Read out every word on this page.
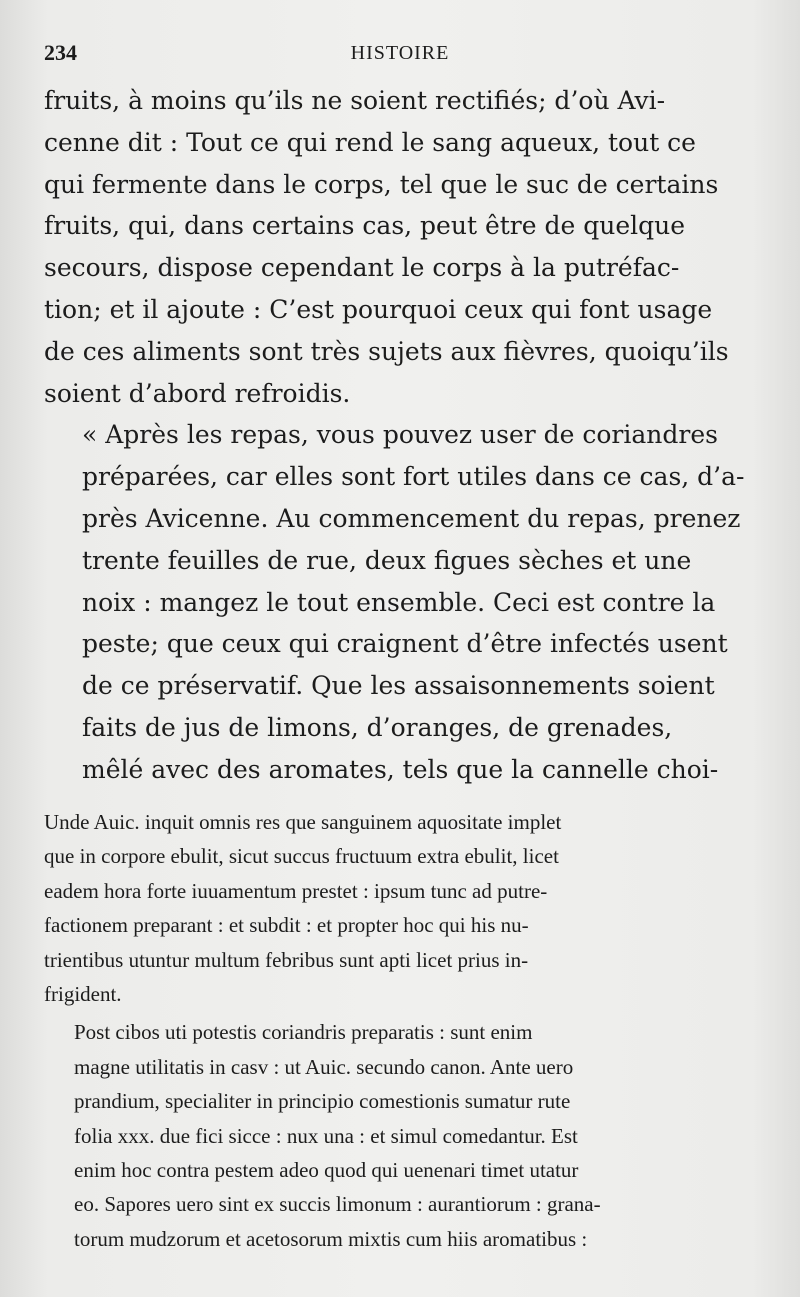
234	HISTOIRE

fruits, à moins qu’ils ne soient rectifiés; d’où Avi-
cenne dit : Tout ce qui rend le sang aqueux, tout ce
qui fermente dans le corps, tel que le suc de certains
fruits, qui, dans certains cas, peut être de quelque
secours, dispose cependant le corps à la putréfac-
tion; et il ajoute : C’est pourquoi ceux qui font usage
de ces aliments sont très sujets aux fièvres, quoiqu’ils
soient d’abord refroidis.

« Après les repas, vous pouvez user de coriandres
préparées, car elles sont fort utiles dans ce cas, d’a-
près Avicenne. Au commencement du repas, prenez
trente feuilles de rue, deux figues sèches et une
noix : mangez le tout ensemble. Ceci est contre la
peste; que ceux qui craignent d’être infectés usent
de ce préservatif. Que les assaisonnements soient
faits de jus de limons, d’oranges, de grenades,
mêlé avec des aromates, tels que la cannelle choi-

Unde Auic. inquit omnis res que sanguinem aquositate implet
que in corpore ebulit, sicut succus fructuum extra ebulit, licet
eadem hora forte iuuamentum prestet : ipsum tunc ad putre-
factionem preparant : et subdit : et propter hoc qui his nu-
trientibus utuntur multum febribus sunt apti licet prius in-
frigident.

Post cibos uti potestis coriandris preparatis : sunt enim
magne utilitatis in casv : ut Auic. secundo canon. Ante uero
prandium, specialiter in principio comestionis sumatur rute
folia xxx. due fici sicce : nux una : et simul comedantur. Est
enim hoc contra pestem adeo quod qui uenenari timet utatur
eo. Sapores uero sint ex succis limonum : aurantiorum : grana-
torum mudzorum et acetosorum mixtis cum hiis aromatibus :
